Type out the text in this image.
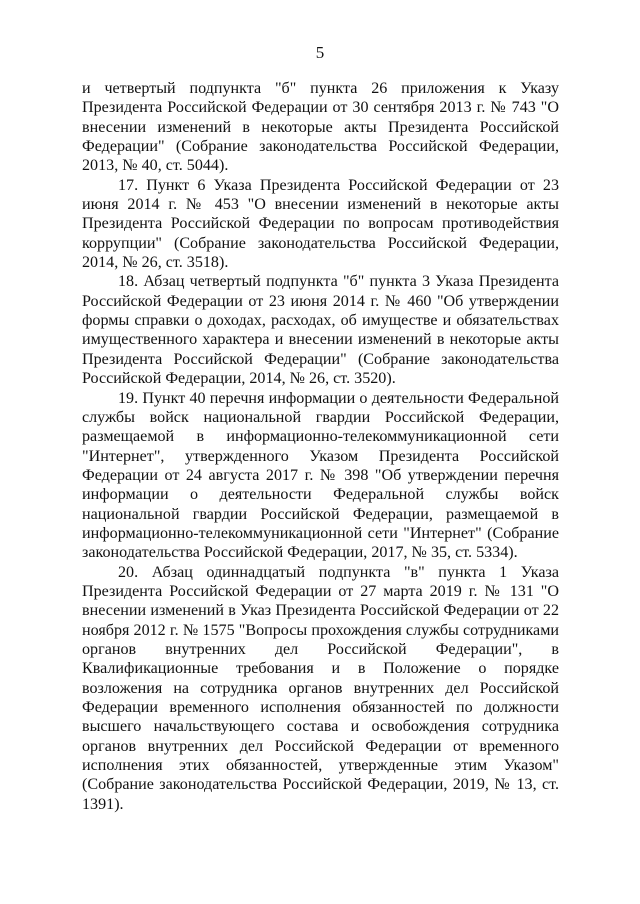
5

и четвертый подпункта "б" пункта 26 приложения к Указу Президента Российской Федерации от 30 сентября 2013 г. № 743 "О внесении изменений в некоторые акты Президента Российской Федерации" (Собрание законодательства Российской Федерации, 2013, № 40, ст. 5044).

17. Пункт 6 Указа Президента Российской Федерации от 23 июня 2014 г. № 453 "О внесении изменений в некоторые акты Президента Российской Федерации по вопросам противодействия коррупции" (Собрание законодательства Российской Федерации, 2014, № 26, ст. 3518).

18. Абзац четвертый подпункта "б" пункта 3 Указа Президента Российской Федерации от 23 июня 2014 г. № 460 "Об утверждении формы справки о доходах, расходах, об имуществе и обязательствах имущественного характера и внесении изменений в некоторые акты Президента Российской Федерации" (Собрание законодательства Российской Федерации, 2014, № 26, ст. 3520).

19. Пункт 40 перечня информации о деятельности Федеральной службы войск национальной гвардии Российской Федерации, размещаемой в информационно-телекоммуникационной сети "Интернет", утвержденного Указом Президента Российской Федерации от 24 августа 2017 г. № 398 "Об утверждении перечня информации о деятельности Федеральной службы войск национальной гвардии Российской Федерации, размещаемой в информационно-телекоммуникационной сети "Интернет" (Собрание законодательства Российской Федерации, 2017, № 35, ст. 5334).

20. Абзац одиннадцатый подпункта "в" пункта 1 Указа Президента Российской Федерации от 27 марта 2019 г. № 131 "О внесении изменений в Указ Президента Российской Федерации от 22 ноября 2012 г. № 1575 "Вопросы прохождения службы сотрудниками органов внутренних дел Российской Федерации", в Квалификационные требования и в Положение о порядке возложения на сотрудника органов внутренних дел Российской Федерации временного исполнения обязанностей по должности высшего начальствующего состава и освобождения сотрудника органов внутренних дел Российской Федерации от временного исполнения этих обязанностей, утвержденные этим Указом" (Собрание законодательства Российской Федерации, 2019, № 13, ст. 1391).
